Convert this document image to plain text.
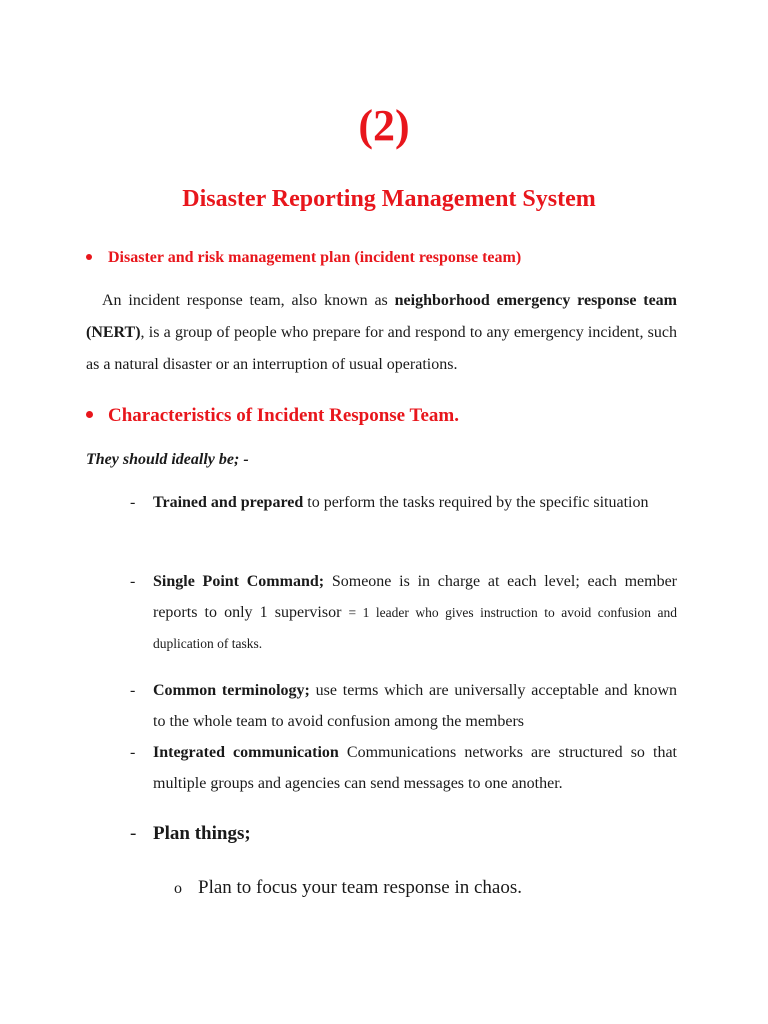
(2)
Disaster Reporting Management System
Disaster and risk management plan (incident response team)
An incident response team, also known as neighborhood emergency response team (NERT), is a group of people who prepare for and respond to any emergency incident, such as a natural disaster or an interruption of usual operations.
Characteristics of Incident Response Team.
They should ideally be; -
- Trained and prepared to perform the tasks required by the specific situation
- Single Point Command; Someone is in charge at each level; each member reports to only 1 supervisor = 1 leader who gives instruction to avoid confusion and duplication of tasks.
- Common terminology; use terms which are universally acceptable and known to the whole team to avoid confusion among the members
- Integrated communication Communications networks are structured so that multiple groups and agencies can send messages to one another.
- Plan things;
o Plan to focus your team response in chaos.
